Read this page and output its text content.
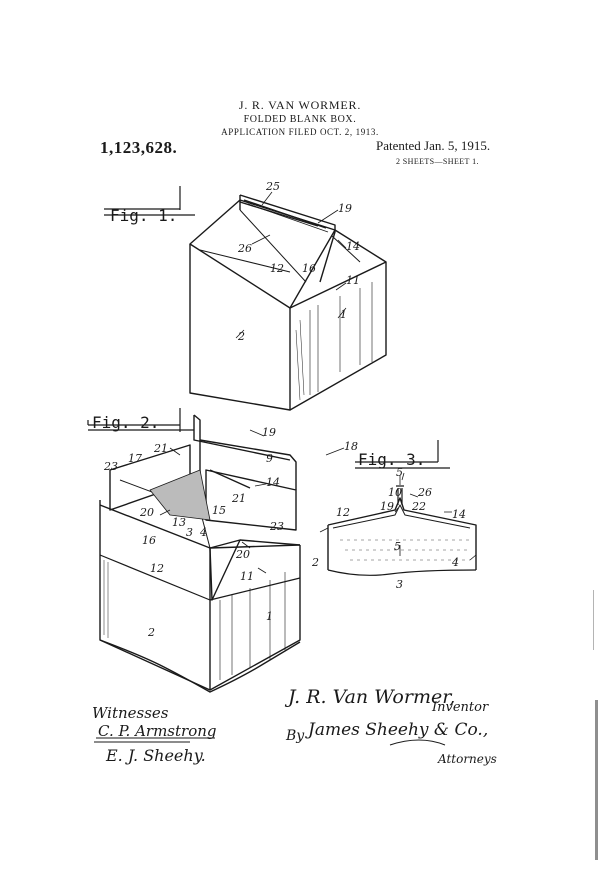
J. R. VAN WORMER.
FOLDED BLANK BOX.
APPLICATION FILED OCT. 2, 1913.
1,123,628.	Patented Jan. 5, 1915.
2 SHEETS—SHEET 1.
Fig. 1.
Fig. 2.
Fig. 3.
25
19
26	14
12 16
11
2
1
19
18
17
21
23
14
9
20
13
3 4
15
21
23
16
12
20
11
2
1
5
10 26
19 22
14
12
5
2	4
3
Witnesses
C. P. Armstrong
E. J. Sheehy.
J. R. Van Wormer,
Inventor
By James Sheehy & Co.,
Attorneys
